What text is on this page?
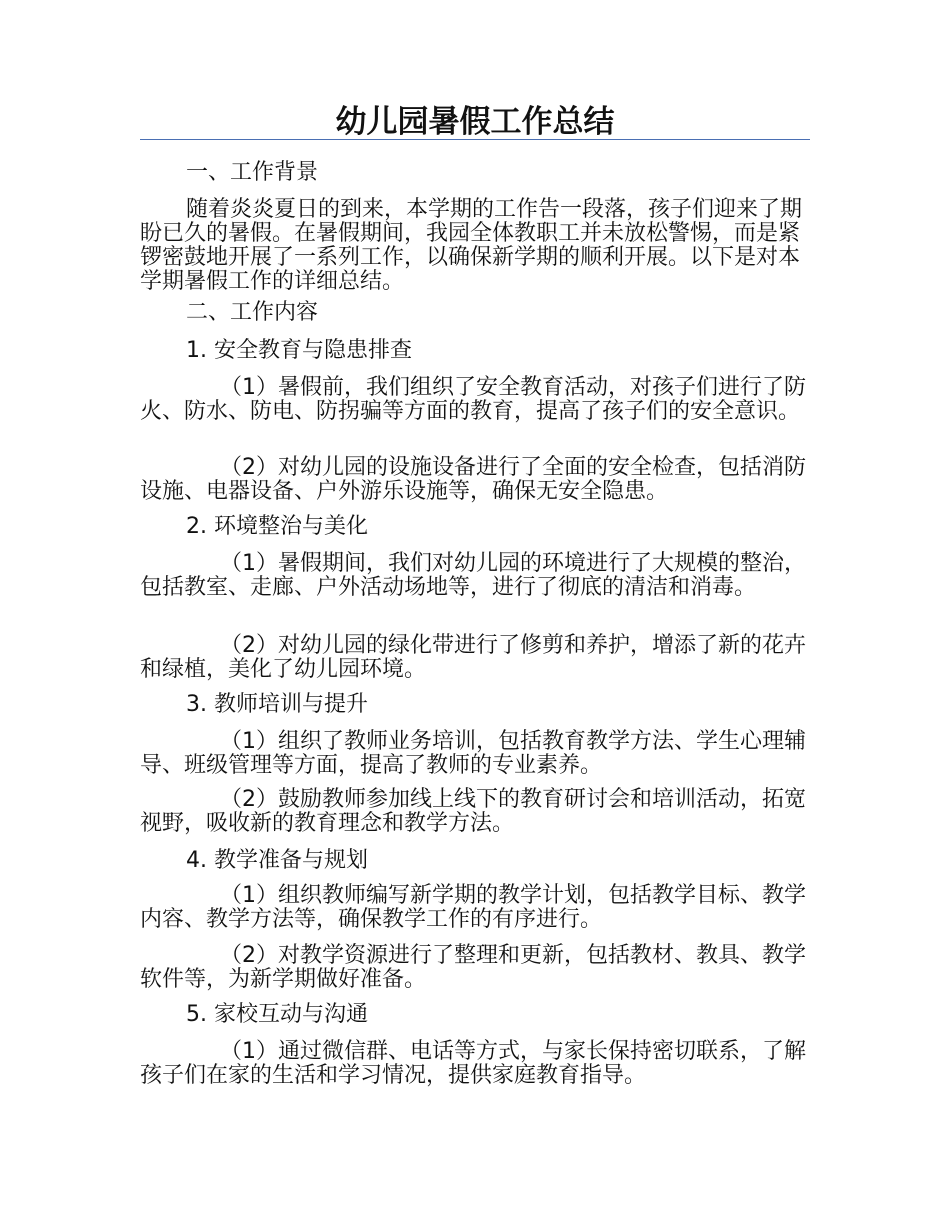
幼儿园暑假工作总结

一、工作背景

随着炎炎夏日的到来，本学期的工作告一段落，孩子们迎来了期盼已久的暑假。在暑假期间，我园全体教职工并未放松警惕，而是紧锣密鼓地开展了一系列工作，以确保新学期的顺利开展。以下是对本学期暑假工作的详细总结。

二、工作内容

1. 安全教育与隐患排查

（1）暑假前，我们组织了安全教育活动，对孩子们进行了防火、防水、防电、防拐骗等方面的教育，提高了孩子们的安全意识。

（2）对幼儿园的设施设备进行了全面的安全检查，包括消防设施、电器设备、户外游乐设施等，确保无安全隐患。

2. 环境整治与美化

（1）暑假期间，我们对幼儿园的环境进行了大规模的整治，包括教室、走廊、户外活动场地等，进行了彻底的清洁和消毒。

（2）对幼儿园的绿化带进行了修剪和养护，增添了新的花卉和绿植，美化了幼儿园环境。

3. 教师培训与提升

（1）组织了教师业务培训，包括教育教学方法、学生心理辅导、班级管理等方面，提高了教师的专业素养。

（2）鼓励教师参加线上线下的教育研讨会和培训活动，拓宽视野，吸收新的教育理念和教学方法。

4. 教学准备与规划

（1）组织教师编写新学期的教学计划，包括教学目标、教学内容、教学方法等，确保教学工作的有序进行。

（2）对教学资源进行了整理和更新，包括教材、教具、教学软件等，为新学期做好准备。

5. 家校互动与沟通

（1）通过微信群、电话等方式，与家长保持密切联系，了解孩子们在家的生活和学习情况，提供家庭教育指导。
